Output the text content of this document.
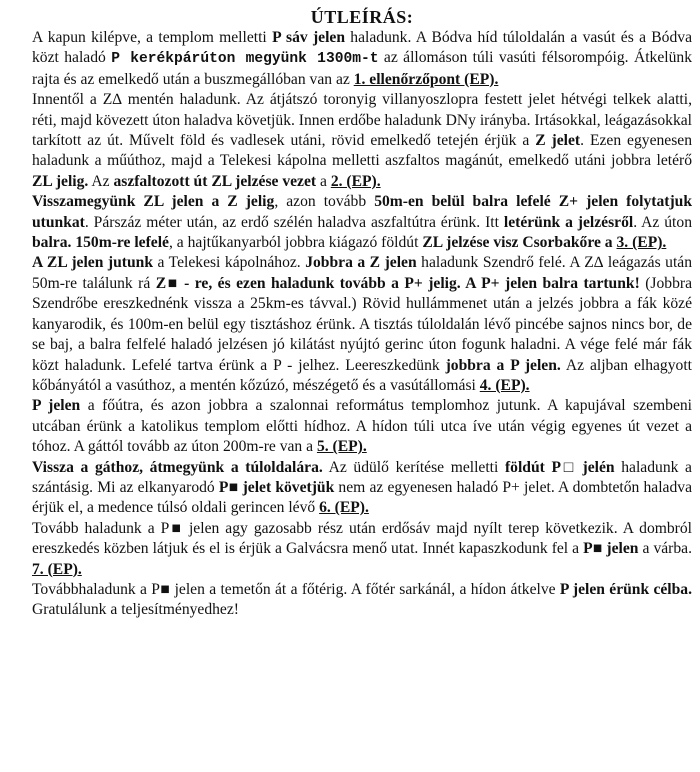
ÚTLEÍRÁS:

A kapun kilépve, a templom melletti P sáv jelen haladunk. A Bódva híd túloldalán a vasút és a Bódva közt haladó P kerékpárúton megyünk 1300m-t az állomáson túli vasúti félsorompóig. Átkelünk rajta és az emelkedő után a buszmegállóban van az 1. ellenőrzőpont (EP).

Innentől a Z∆ mentén haladunk. Az átjátszó toronyig villanyoszlopra festett jelet hétvégi telkek alatti, réti, majd kövezett úton haladva követjük. Innen erdőbe haladunk DNy irányba. Irtásokkal, leágazásokkal tarkított az út. Művelt föld és vadlesek utáni, rövid emelkedő tetején érjük a Z jelet. Ezen egyenesen haladunk a műúthoz, majd a Telekesi kápolna melletti aszfaltos magánút, emelkedő utáni jobbra letérő ZL jelig. Az aszfaltozott út ZL jelzése vezet a 2. (EP).

Visszamegyünk ZL jelen a Z jelig, azon tovább 50m-en belül balra lefelé Z+ jelen folytatjuk utunkat. Párszáz méter után, az erdő szélén haladva aszfaltútra érünk. Itt letérünk a jelzésről. Az úton balra. 150m-re lefelé, a hajtűkanyarból jobbra kiágazó földút ZL jelzése visz Csorbakőre a 3. (EP).

A ZL jelen jutunk a Telekesi kápolnához. Jobbra a Z jelen haladunk Szendrő felé. A Z∆ leágazás után 50m-re találunk rá Z■ - re, és ezen haladunk tovább a P+ jelig. A P+ jelen balra tartunk! (Jobbra Szendrőbe ereszkednénk vissza a 25km-es távval.) Rövid hullámmenet után a jelzés jobbra a fák közé kanyarodik, és 100m-en belül egy tisztáshoz érünk. A tisztás túloldalán lévő pincébe sajnos nincs bor, de se baj, a balra felfelé haladó jelzésen jó kilátást nyújtó gerinc úton fogunk haladni. A vége felé már fák közt haladunk. Lefelé tartva érünk a P - jelhez. Leereszkedünk jobbra a P jelen. Az aljban elhagyott kőbányától a vasúthoz, a mentén kőzúzó, mészégető és a vasútállomási 4. (EP).

P jelen a főútra, és azon jobbra a szalonnai református templomhoz jutunk. A kapujával szembeni utcában érünk a katolikus templom előtti hídhoz. A hídon túli utca íve után végig egyenes út vezet a tóhoz. A gáttól tovább az úton 200m-re van a 5. (EP).

Vissza a gáthoz, átmegyünk a túloldalára. Az üdülő kerítése melletti földút P□ jelén haladunk a szántásig. Mi az elkanyarodó P■ jelet követjük nem az egyenesen haladó P+ jelet. A dombtetőn haladva érjük el, a medence túlsó oldali gerincen lévő 6. (EP).

Tovább haladunk a P■ jelen agy gazosabb rész után erdősáv majd nyílt terep következik. A dombról ereszkedés közben látjuk és el is érjük a Galvácsra menő utat. Innét kapaszkodunk fel a P■ jelen a várba. 7. (EP).

Továbbhaladunk a P■ jelen a temetőn át a főtérig. A főtér sarkánál, a hídon átkelve P jelen érünk célba. Gratulálunk a teljesítményedhez!
